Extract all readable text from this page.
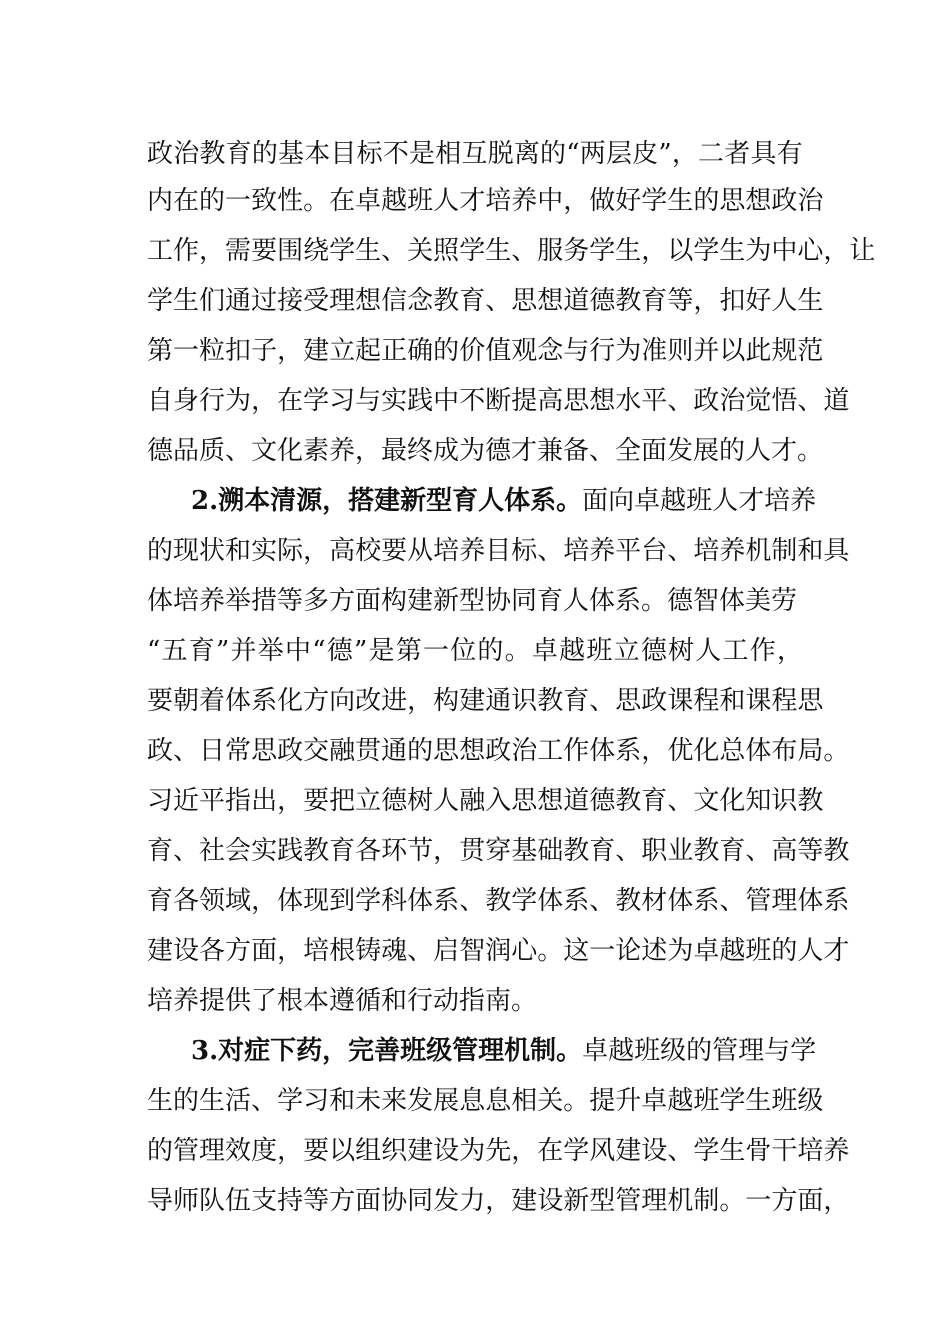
政 治 教 育 的 基 本 目 标 不 是 相 互 脱 离 的 “ 两 层 皮 ” ， 二 者 具 有
内 在 的 一 致 性 。 在 卓 越 班 人 才 培 养 中 ， 做 好 学 生 的 思 想 政 治
工 作 ， 需 要 围 绕 学 生 、 关 照 学 生 、 服 务 学 生 ， 以 学 生 为 中 心 ， 让
学 生 们 通 过 接 受 理 想 信 念 教 育 、 思 想 道 德 教 育 等 ， 扣 好 人 生
第 一 粒 扣 子 ， 建 立 起 正 确 的 价 值 观 念 与 行 为 准 则 并 以 此 规 范
自 身 行 为 ， 在 学 习 与 实 践 中 不 断 提 高 思 想 水 平 、 政 治 觉 悟 、 道
德品质、文化素养，最终成为德才兼备、全面发展的人才。
2.溯本清源，搭建新型育人体系。 面向卓越班人才培养
的 现 状 和 实 际 ， 高 校 要 从 培 养 目 标 、 培 养 平 台 、 培 养 机 制 和 具
体培养举措等多方面构建新型协同育人体系。德智体美劳
“ 五 育 ” 并 举 中 “ 德 ” 是 第 一 位 的 。 卓 越 班 立 德 树 人 工 作 ，
要 朝 着 体 系 化 方 向 改 进 ， 构 建 通 识 教 育 、 思 政 课 程 和 课 程 思
政 、 日 常 思 政 交 融 贯 通 的 思 想 政 治 工 作 体 系 ， 优 化 总 体 布 局 。
习 近 平 指 出 ， 要 把 立 德 树 人 融 入 思 想 道 德 教 育 、 文 化 知 识 教
育 、 社 会 实 践 教 育 各 环 节 ， 贯 穿 基 础 教 育 、 职 业 教 育 、 高 等 教
育 各 领 域 ， 体 现 到 学 科 体 系 、 教 学 体 系 、 教 材 体 系 、 管 理 体 系
建 设 各 方 面 ， 培 根 铸 魂 、 启 智 润 心 。 这 一 论 述 为 卓 越 班 的 人 才
培养提供了根本遵循和行动指南。
3.对症下药，完善班级管理机制。 卓越班级的管理与学
生 的 生 活 、 学 习 和 未 来 发 展 息 息 相 关 。 提 升 卓 越 班 学 生 班 级
的 管 理 效 度 ， 要 以 组 织 建 设 为 先 ， 在 学 风 建 设 、 学 生 骨 干 培 养
导 师 队 伍 支 持 等 方 面 协 同 发 力 ， 建 设 新 型 管 理 机 制 。 一 方 面 ，
